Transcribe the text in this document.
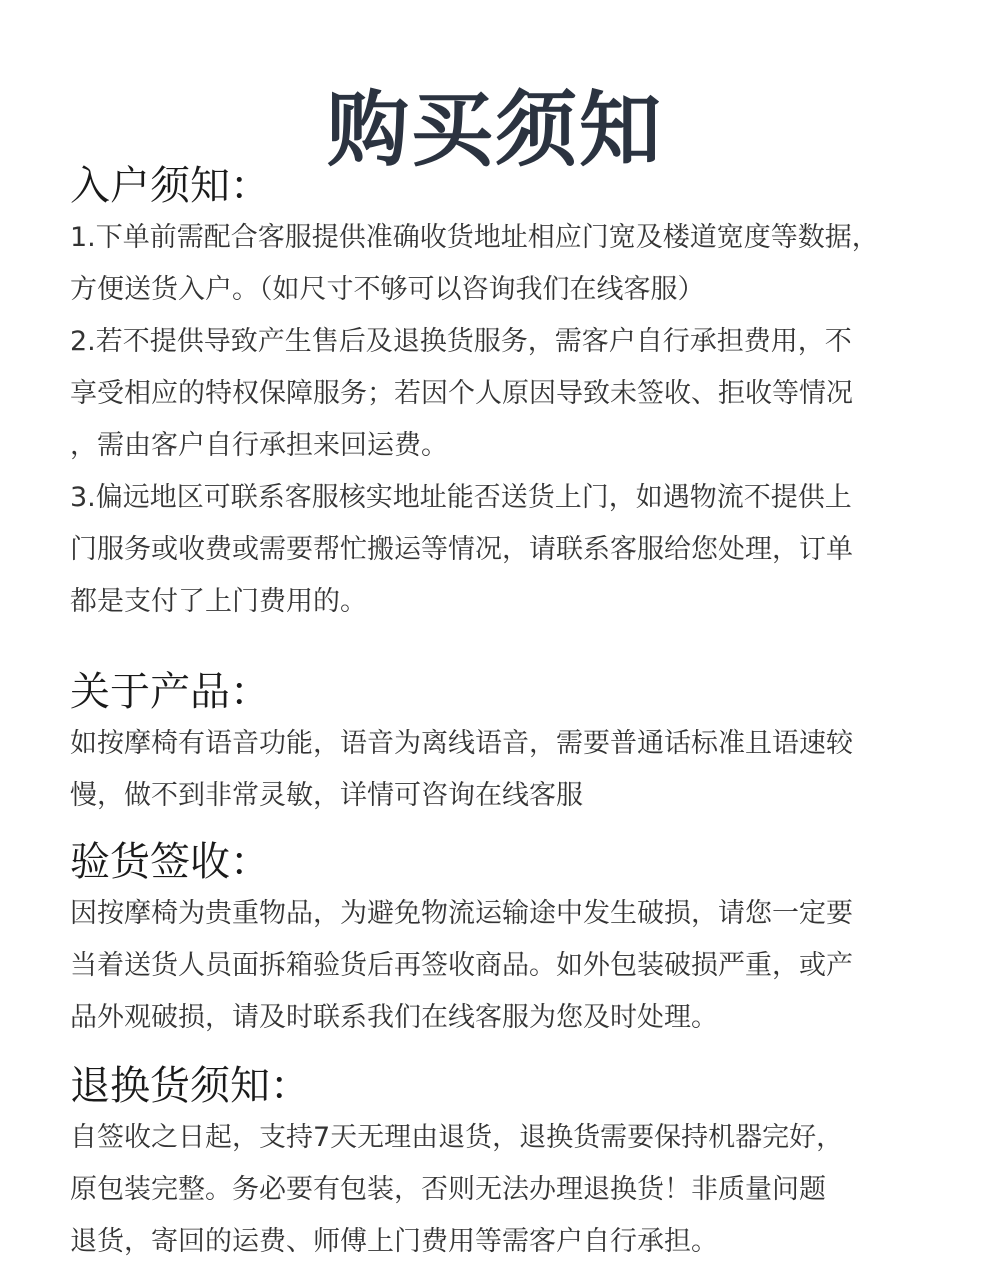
购买须知
入户须知：
1.下单前需配合客服提供准确收货地址相应门宽及楼道宽度等数据，
方便送货入户。（如尺寸不够可以咨询我们在线客服）
2.若不提供导致产生售后及退换货服务，需客户自行承担费用，不
享受相应的特权保障服务；若因个人原因导致未签收、拒收等情况
，需由客户自行承担来回运费。
3.偏远地区可联系客服核实地址能否送货上门，如遇物流不提供上
门服务或收费或需要帮忙搬运等情况，请联系客服给您处理，订单
都是支付了上门费用的。
关于产品：
如按摩椅有语音功能，语音为离线语音，需要普通话标准且语速较
慢，做不到非常灵敏，详情可咨询在线客服
验货签收：
因按摩椅为贵重物品，为避免物流运输途中发生破损，请您一定要
当着送货人员面拆箱验货后再签收商品。如外包装破损严重，或产
品外观破损，请及时联系我们在线客服为您及时处理。
退换货须知：
自签收之日起，支持7天无理由退货，退换货需要保持机器完好，
原包装完整。务必要有包装，否则无法办理退换货！非质量问题
退货，寄回的运费、师傅上门费用等需客户自行承担。
